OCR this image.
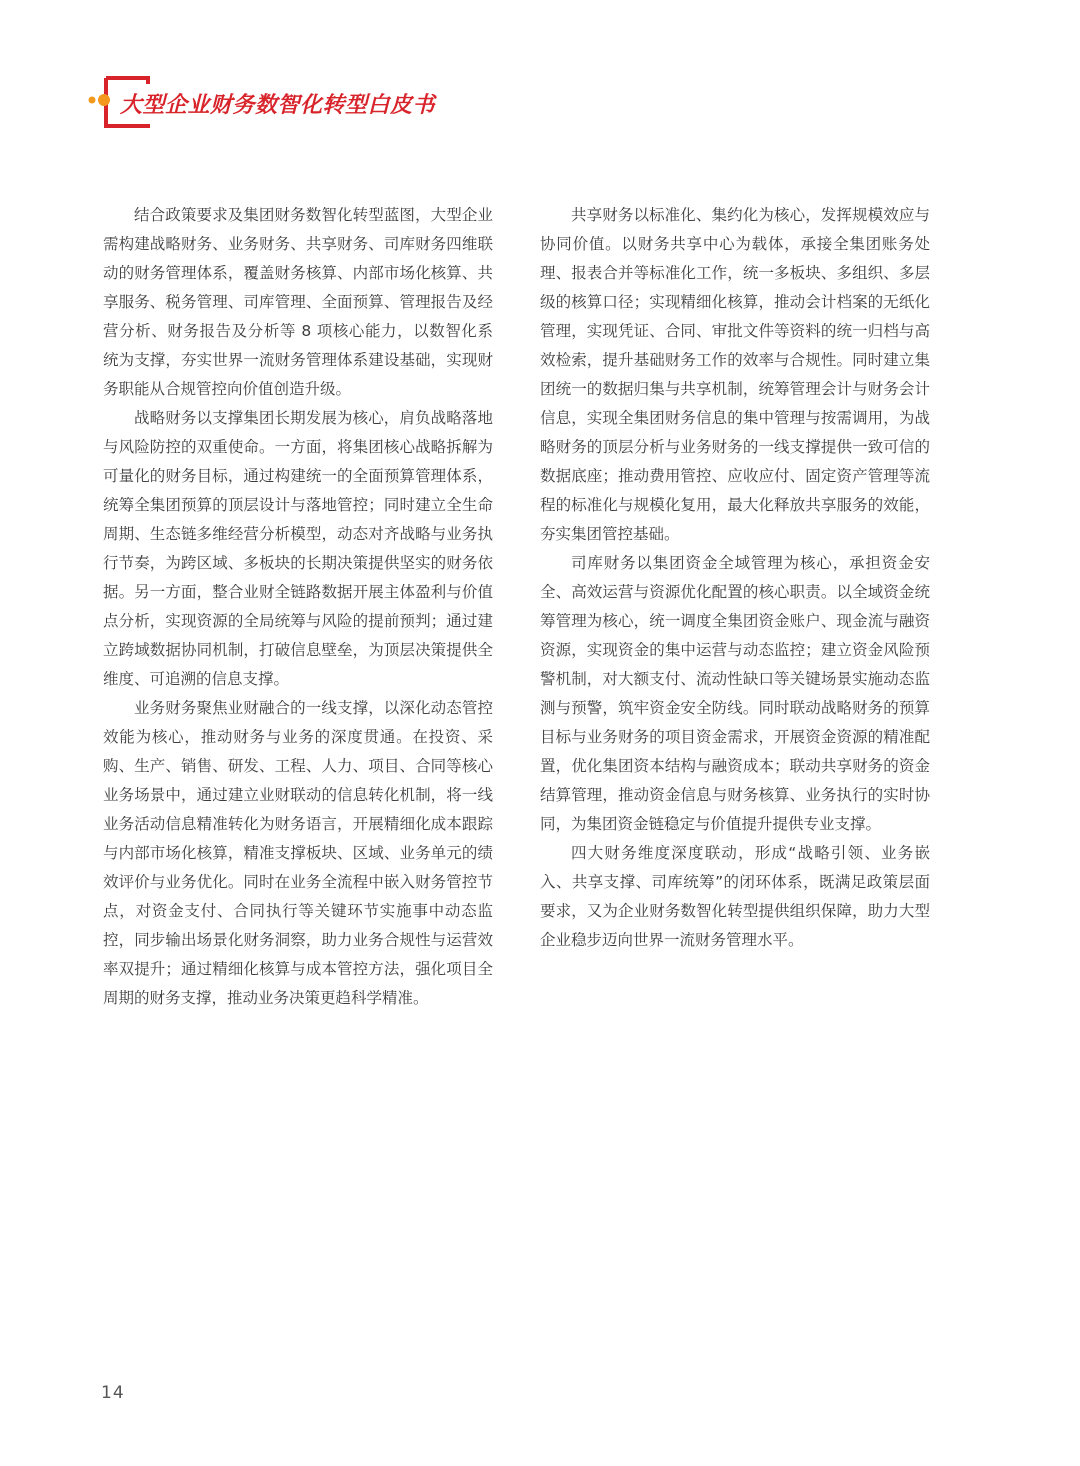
大型企业财务数智化转型白皮书

结合政策要求及集团财务数智化转型蓝图，大型企业需构建战略财务、业务财务、共享财务、司库财务四维联动的财务管理体系，覆盖财务核算、内部市场化核算、共享服务、税务管理、司库管理、全面预算、管理报告及经营分析、财务报告及分析等 8 项核心能力，以数智化系统为支撑，夯实世界一流财务管理体系建设基础，实现财务职能从合规管控向价值创造升级。

战略财务以支撑集团长期发展为核心，肩负战略落地与风险防控的双重使命。一方面，将集团核心战略拆解为可量化的财务目标，通过构建统一的全面预算管理体系，统筹全集团预算的顶层设计与落地管控；同时建立全生命周期、生态链多维经营分析模型，动态对齐战略与业务执行节奏，为跨区域、多板块的长期决策提供坚实的财务依据。另一方面，整合业财全链路数据开展主体盈利与价值点分析，实现资源的全局统筹与风险的提前预判；通过建立跨域数据协同机制，打破信息壁垒，为顶层决策提供全维度、可追溯的信息支撑。

业务财务聚焦业财融合的一线支撑，以深化动态管控效能为核心，推动财务与业务的深度贯通。在投资、采购、生产、销售、研发、工程、人力、项目、合同等核心业务场景中，通过建立业财联动的信息转化机制，将一线业务活动信息精准转化为财务语言，开展精细化成本跟踪与内部市场化核算，精准支撑板块、区域、业务单元的绩效评价与业务优化。同时在业务全流程中嵌入财务管控节点，对资金支付、合同执行等关键环节实施事中动态监控，同步输出场景化财务洞察，助力业务合规性与运营效率双提升；通过精细化核算与成本管控方法，强化项目全周期的财务支撑，推动业务决策更趋科学精准。

共享财务以标准化、集约化为核心，发挥规模效应与协同价值。以财务共享中心为载体，承接全集团账务处理、报表合并等标准化工作，统一多板块、多组织、多层级的核算口径；实现精细化核算，推动会计档案的无纸化管理，实现凭证、合同、审批文件等资料的统一归档与高效检索，提升基础财务工作的效率与合规性。同时建立集团统一的数据归集与共享机制，统筹管理会计与财务会计信息，实现全集团财务信息的集中管理与按需调用，为战略财务的顶层分析与业务财务的一线支撑提供一致可信的数据底座；推动费用管控、应收应付、固定资产管理等流程的标准化与规模化复用，最大化释放共享服务的效能，夯实集团管控基础。

司库财务以集团资金全域管理为核心，承担资金安全、高效运营与资源优化配置的核心职责。以全域资金统筹管理为核心，统一调度全集团资金账户、现金流与融资资源，实现资金的集中运营与动态监控；建立资金风险预警机制，对大额支付、流动性缺口等关键场景实施动态监测与预警，筑牢资金安全防线。同时联动战略财务的预算目标与业务财务的项目资金需求，开展资金资源的精准配置，优化集团资本结构与融资成本；联动共享财务的资金结算管理，推动资金信息与财务核算、业务执行的实时协同，为集团资金链稳定与价值提升提供专业支撑。

四大财务维度深度联动，形成“战略引领、业务嵌入、共享支撑、司库统筹”的闭环体系，既满足政策层面要求，又为企业财务数智化转型提供组织保障，助力大型企业稳步迈向世界一流财务管理水平。

14
